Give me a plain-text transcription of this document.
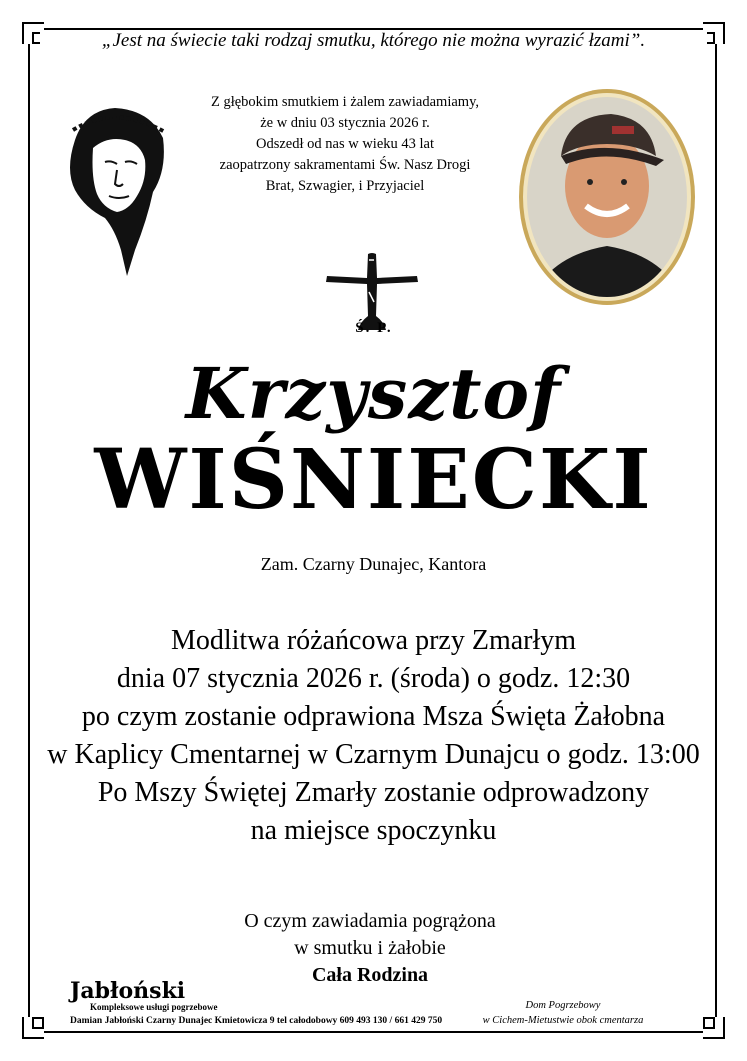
„Jest na świecie taki rodzaj smutku, którego nie można wyrazić łzami”.
Z głębokim smutkiem i żalem zawiadamiamy,
że w dniu 03 stycznia 2026 r.
Odszedł od nas w wieku 43 lat
zaopatrzony sakramentami Św. Nasz Drogi
Brat, Szwagier, i Przyjaciel
Ś. P.
Krzysztof
WIŚNIECKI
Zam. Czarny Dunajec, Kantora
Modlitwa różańcowa przy Zmarłym
dnia 07 stycznia 2026 r. (środa) o godz. 12:30
po czym zostanie odprawiona Msza Święta Żałobna
w Kaplicy Cmentarnej w Czarnym Dunajcu o godz. 13:00
Po Mszy Świętej Zmarły zostanie odprowadzony
na miejsce spoczynku
O czym zawiadamia pogrążona
w smutku i żałobie
Cała Rodzina
Jabłoński
Kompleksowe usługi pogrzebowe
Damian Jabłoński Czarny Dunajec Kmietowicza 9 tel całodobowy 609 493 130 / 661 429 750
Dom Pogrzebowy
w Cichem-Mietustwie obok cmentarza
